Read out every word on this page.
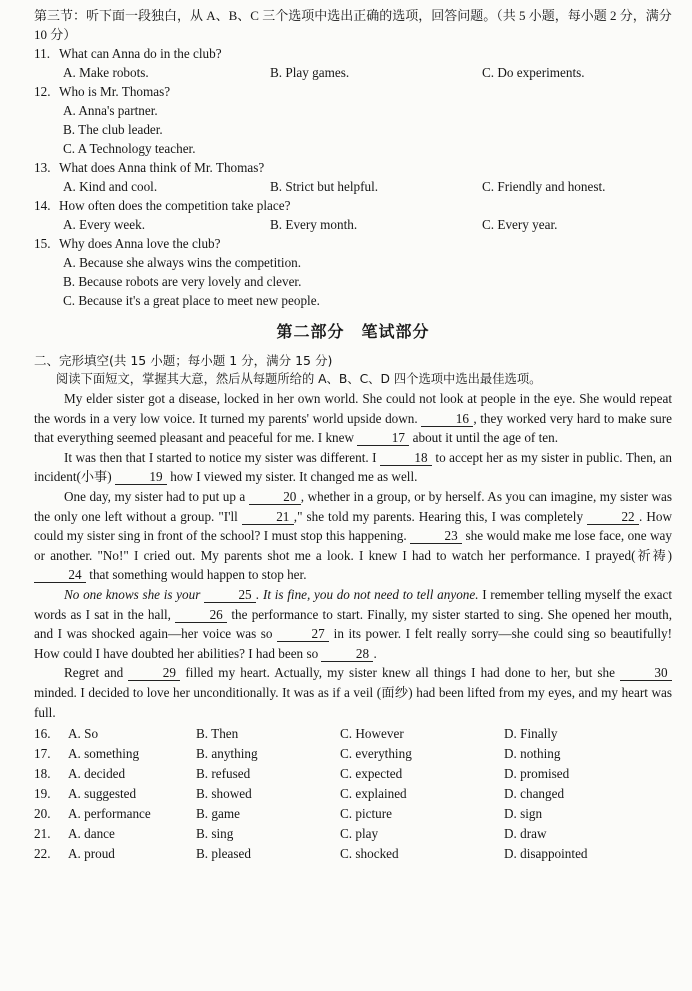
第三节：听下面一段独白，从 A、B、C 三个选项中选出正确的选项，回答问题。（共 5 小题，每小题 2 分，满分 10 分）

11. What can Anna do in the club?
A. Make robots.	B. Play games.	C. Do experiments.
12. Who is Mr. Thomas?
A. Anna's partner.
B. The club leader.
C. A Technology teacher.
13. What does Anna think of Mr. Thomas?
A. Kind and cool.	B. Strict but helpful.	C. Friendly and honest.
14. How often does the competition take place?
A. Every week.	B. Every month.	C. Every year.
15. Why does Anna love the club?
A. Because she always wins the competition.
B. Because robots are very lovely and clever.
C. Because it's a great place to meet new people.
第二部分　笔试部分

二、完形填空(共 15 小题；每小题 1 分，满分 15 分)

阅读下面短文，掌握其大意，然后从每题所给的 A、B、C、D 四个选项中选出最佳选项。

My elder sister got a disease, locked in her own world. She could not look at people in the eye. She would repeat the words in a very low voice. It turned my parents' world upside down.	16 , they worked very hard to make sure that everything seemed pleasant and peaceful for me. I knew	17 about it until the age of ten.

It was then that I started to notice my sister was different. I	18 to accept her as my sister in public. Then, an incident(小事)	19 how I viewed my sister. It changed me as well.

One day, my sister had to put up a	20 , whether in a group, or by herself. As you can imagine, my sister was the only one left without a group. "I'll	21 ," she told my parents. Hearing this, I was completely	22 . How could my sister sing in front of the school? I must stop this happening.	23 she would make me lose face, one way or another. "No!" I cried out. My parents shot me a look. I knew I had to watch her performance. I prayed(祈祷) 24 that something would happen to stop her.

No one knows she is your	25 . It is fine, you do not need to tell anyone. I remember telling myself the exact words as I sat in the hall,	26 the performance to start. Finally, my sister started to sing. She opened her mouth, and I was shocked again—her voice was so	27 in its power. I felt really sorry—she could sing so beautifully! How could I have doubted her abilities? I had been so	28 .

Regret and	29 filled my heart. Actually, my sister knew all things I had done to her, but she	30 minded. I decided to love her unconditionally. It was as if a veil (面纱) had been lifted from my eyes, and my heart was full.

16.	A. So	B. Then	C. However	D. Finally
17.	A. something	B. anything	C. everything	D. nothing
18.	A. decided	B. refused	C. expected	D. promised
19.	A. suggested	B. showed	C. explained	D. changed
20.	A. performance	B. game	C. picture	D. sign
21.	A. dance	B. sing	C. play	D. draw
22.	A. proud	B. pleased	C. shocked	D. disappointed
